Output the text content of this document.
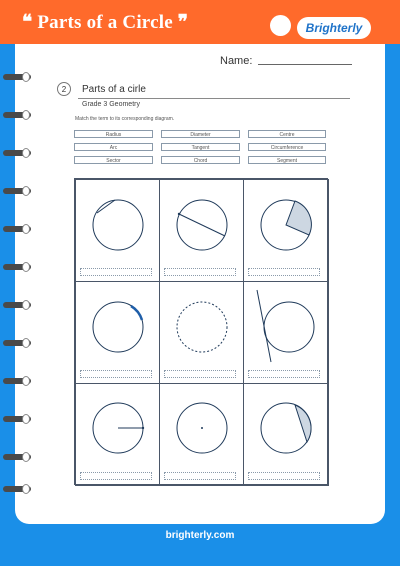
❝ Parts of a Circle ❞	Brighterly
Name:
2	Parts of a cirle
Grade 3 Geometry
Match the term to its corresponding diagram.
Radius	Diameter	Centre
Arc	Tangent	Circumference
Sector	Chord	Segment
brighterly.com
